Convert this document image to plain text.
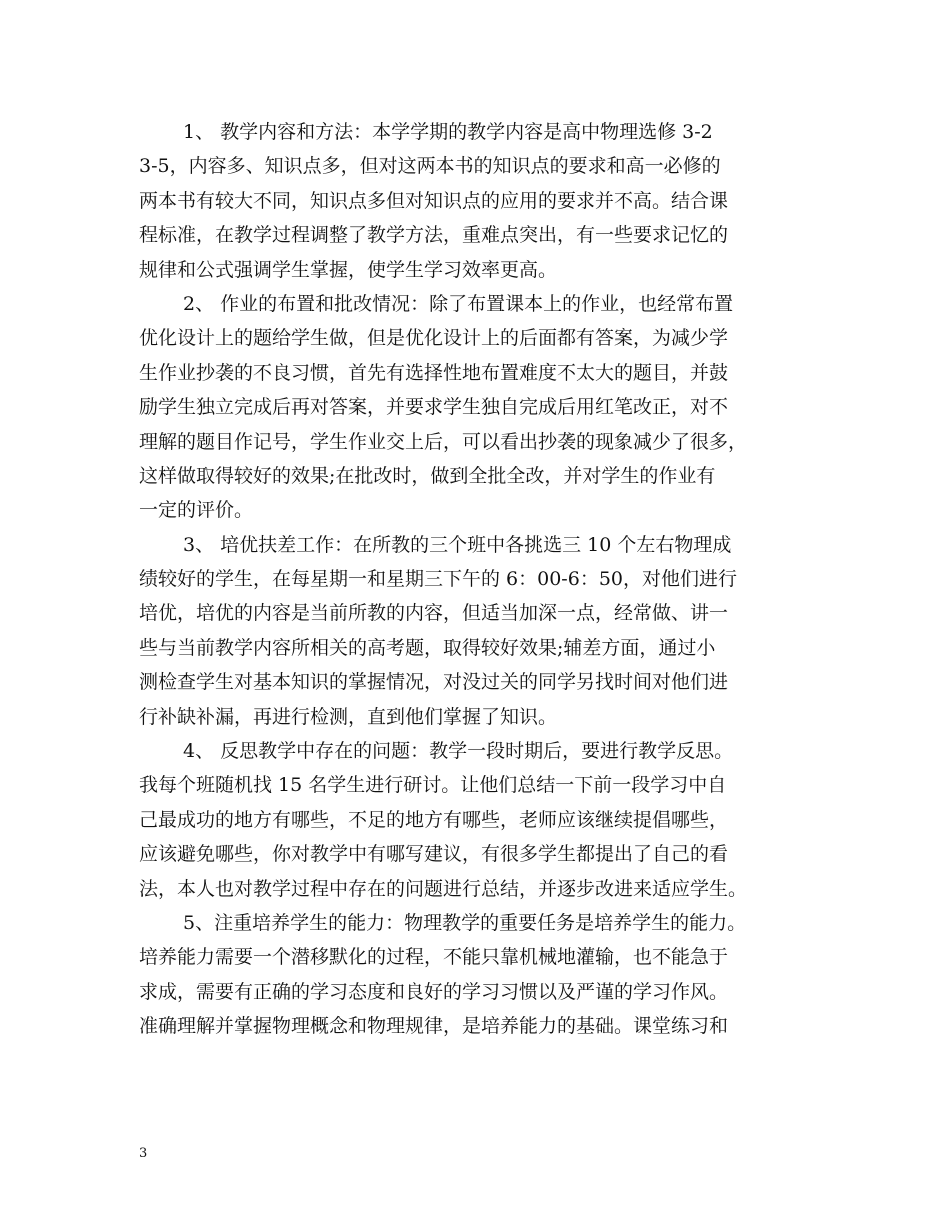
1、 教学内容和方法：本学学期的教学内容是高中物理选修 3-2
3-5，内容多、知识点多，但对这两本书的知识点的要求和高一必修的
两本书有较大不同，知识点多但对知识点的应用的要求并不高。结合课
程标准，在教学过程调整了教学方法，重难点突出，有一些要求记忆的
规律和公式强调学生掌握，使学生学习效率更高。
2、 作业的布置和批改情况：除了布置课本上的作业，也经常布置
优化设计上的题给学生做，但是优化设计上的后面都有答案，为减少学
生作业抄袭的不良习惯，首先有选择性地布置难度不太大的题目，并鼓
励学生独立完成后再对答案，并要求学生独自完成后用红笔改正，对不
理解的题目作记号，学生作业交上后，可以看出抄袭的现象减少了很多，
这样做取得较好的效果;在批改时，做到全批全改，并对学生的作业有
一定的评价。
3、 培优扶差工作：在所教的三个班中各挑选三 10 个左右物理成
绩较好的学生，在每星期一和星期三下午的 6：00-6：50，对他们进行
培优，培优的内容是当前所教的内容，但适当加深一点，经常做、讲一
些与当前教学内容所相关的高考题，取得较好效果;辅差方面，通过小
测检查学生对基本知识的掌握情况，对没过关的同学另找时间对他们进
行补缺补漏，再进行检测，直到他们掌握了知识。
4、 反思教学中存在的问题：教学一段时期后，要进行教学反思。
我每个班随机找 15 名学生进行研讨。让他们总结一下前一段学习中自
己最成功的地方有哪些，不足的地方有哪些，老师应该继续提倡哪些，
应该避免哪些，你对教学中有哪写建议，有很多学生都提出了自己的看
法，本人也对教学过程中存在的问题进行总结，并逐步改进来适应学生。
5、注重培养学生的能力：物理教学的重要任务是培养学生的能力。
培养能力需要一个潜移默化的过程，不能只靠机械地灌输，也不能急于
求成，需要有正确的学习态度和良好的学习习惯以及严谨的学习作风。
准确理解并掌握物理概念和物理规律，是培养能力的基础。课堂练习和
3
